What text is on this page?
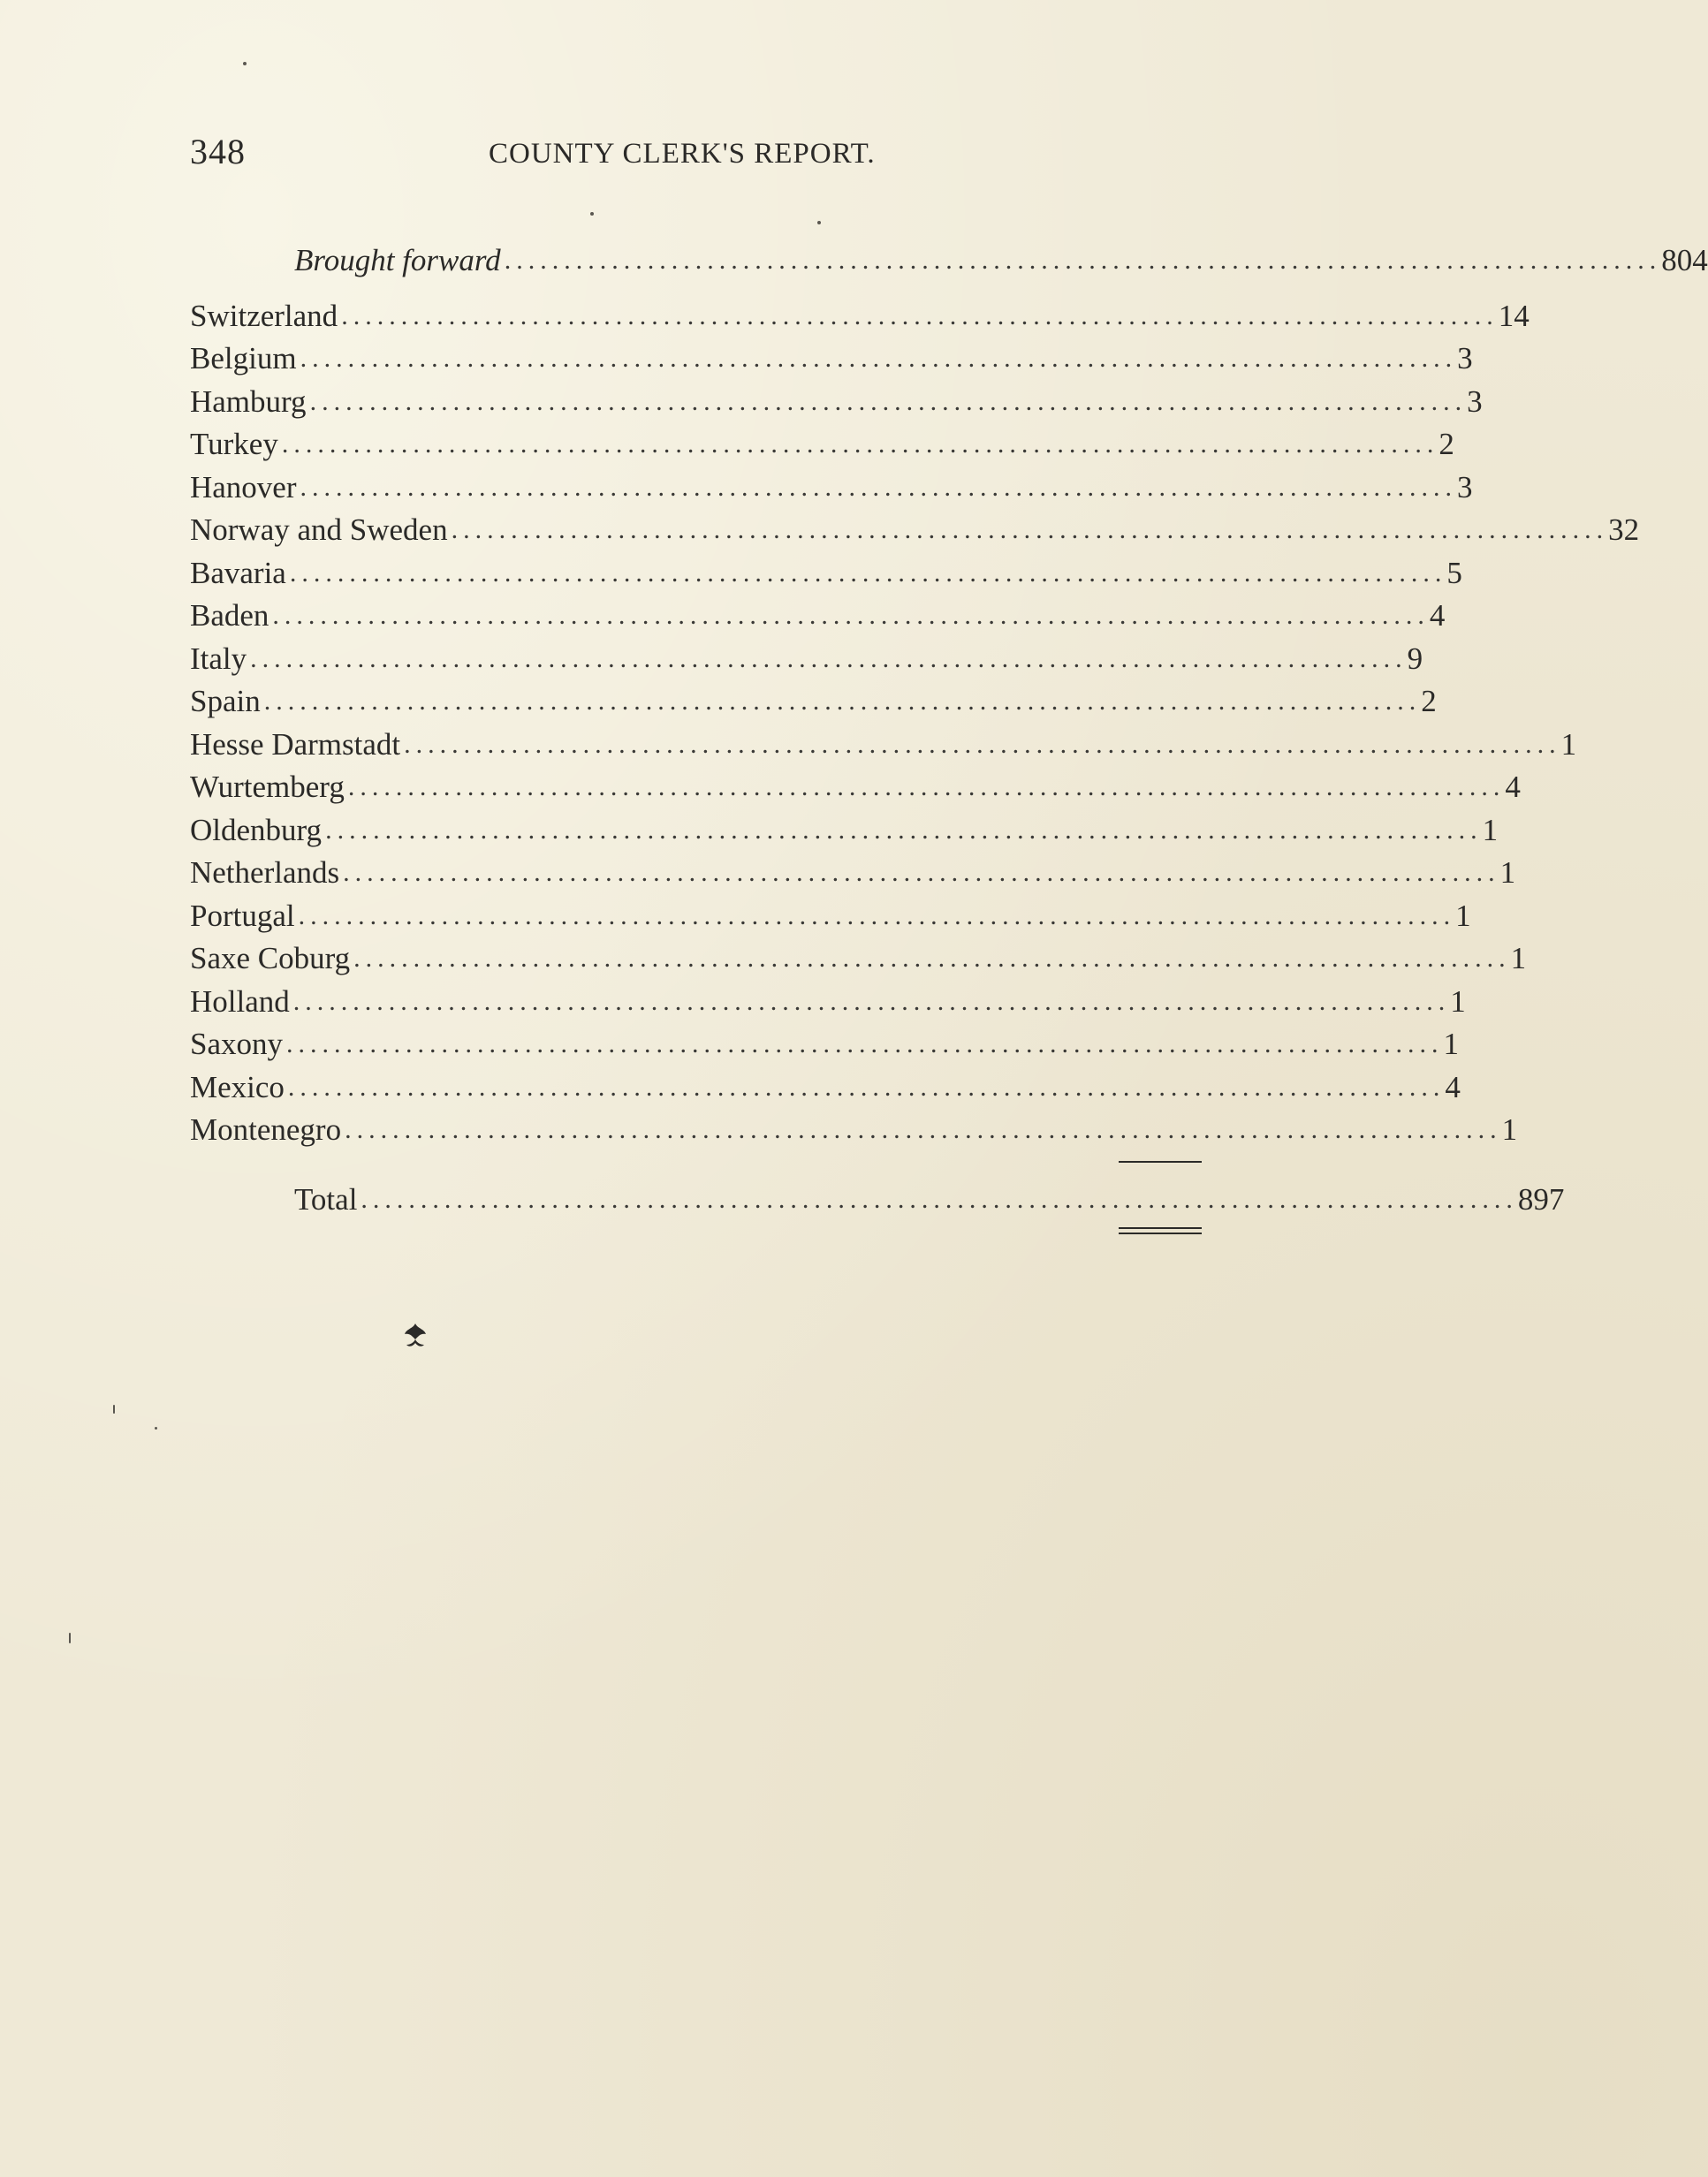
348	COUNTY CLERK'S REPORT.
Brought forward ................................................................................................. 804
Switzerland ................................................................................................. 14
Belgium ................................................................................................. 3
Hamburg ................................................................................................. 3
Turkey ................................................................................................. 2
Hanover ................................................................................................. 3
Norway and Sweden ................................................................................................. 32
Bavaria ................................................................................................. 5
Baden ................................................................................................. 4
Italy ................................................................................................. 9
Spain ................................................................................................. 2
Hesse Darmstadt ................................................................................................. 1
Wurtemberg ................................................................................................. 4
Oldenburg ................................................................................................. 1
Netherlands ................................................................................................. 1
Portugal ................................................................................................. 1
Saxe Coburg ................................................................................................. 1
Holland ................................................................................................. 1
Saxony ................................................................................................. 1
Mexico ................................................................................................. 4
Montenegro ................................................................................................. 1
Total ................................................................................................. 897
